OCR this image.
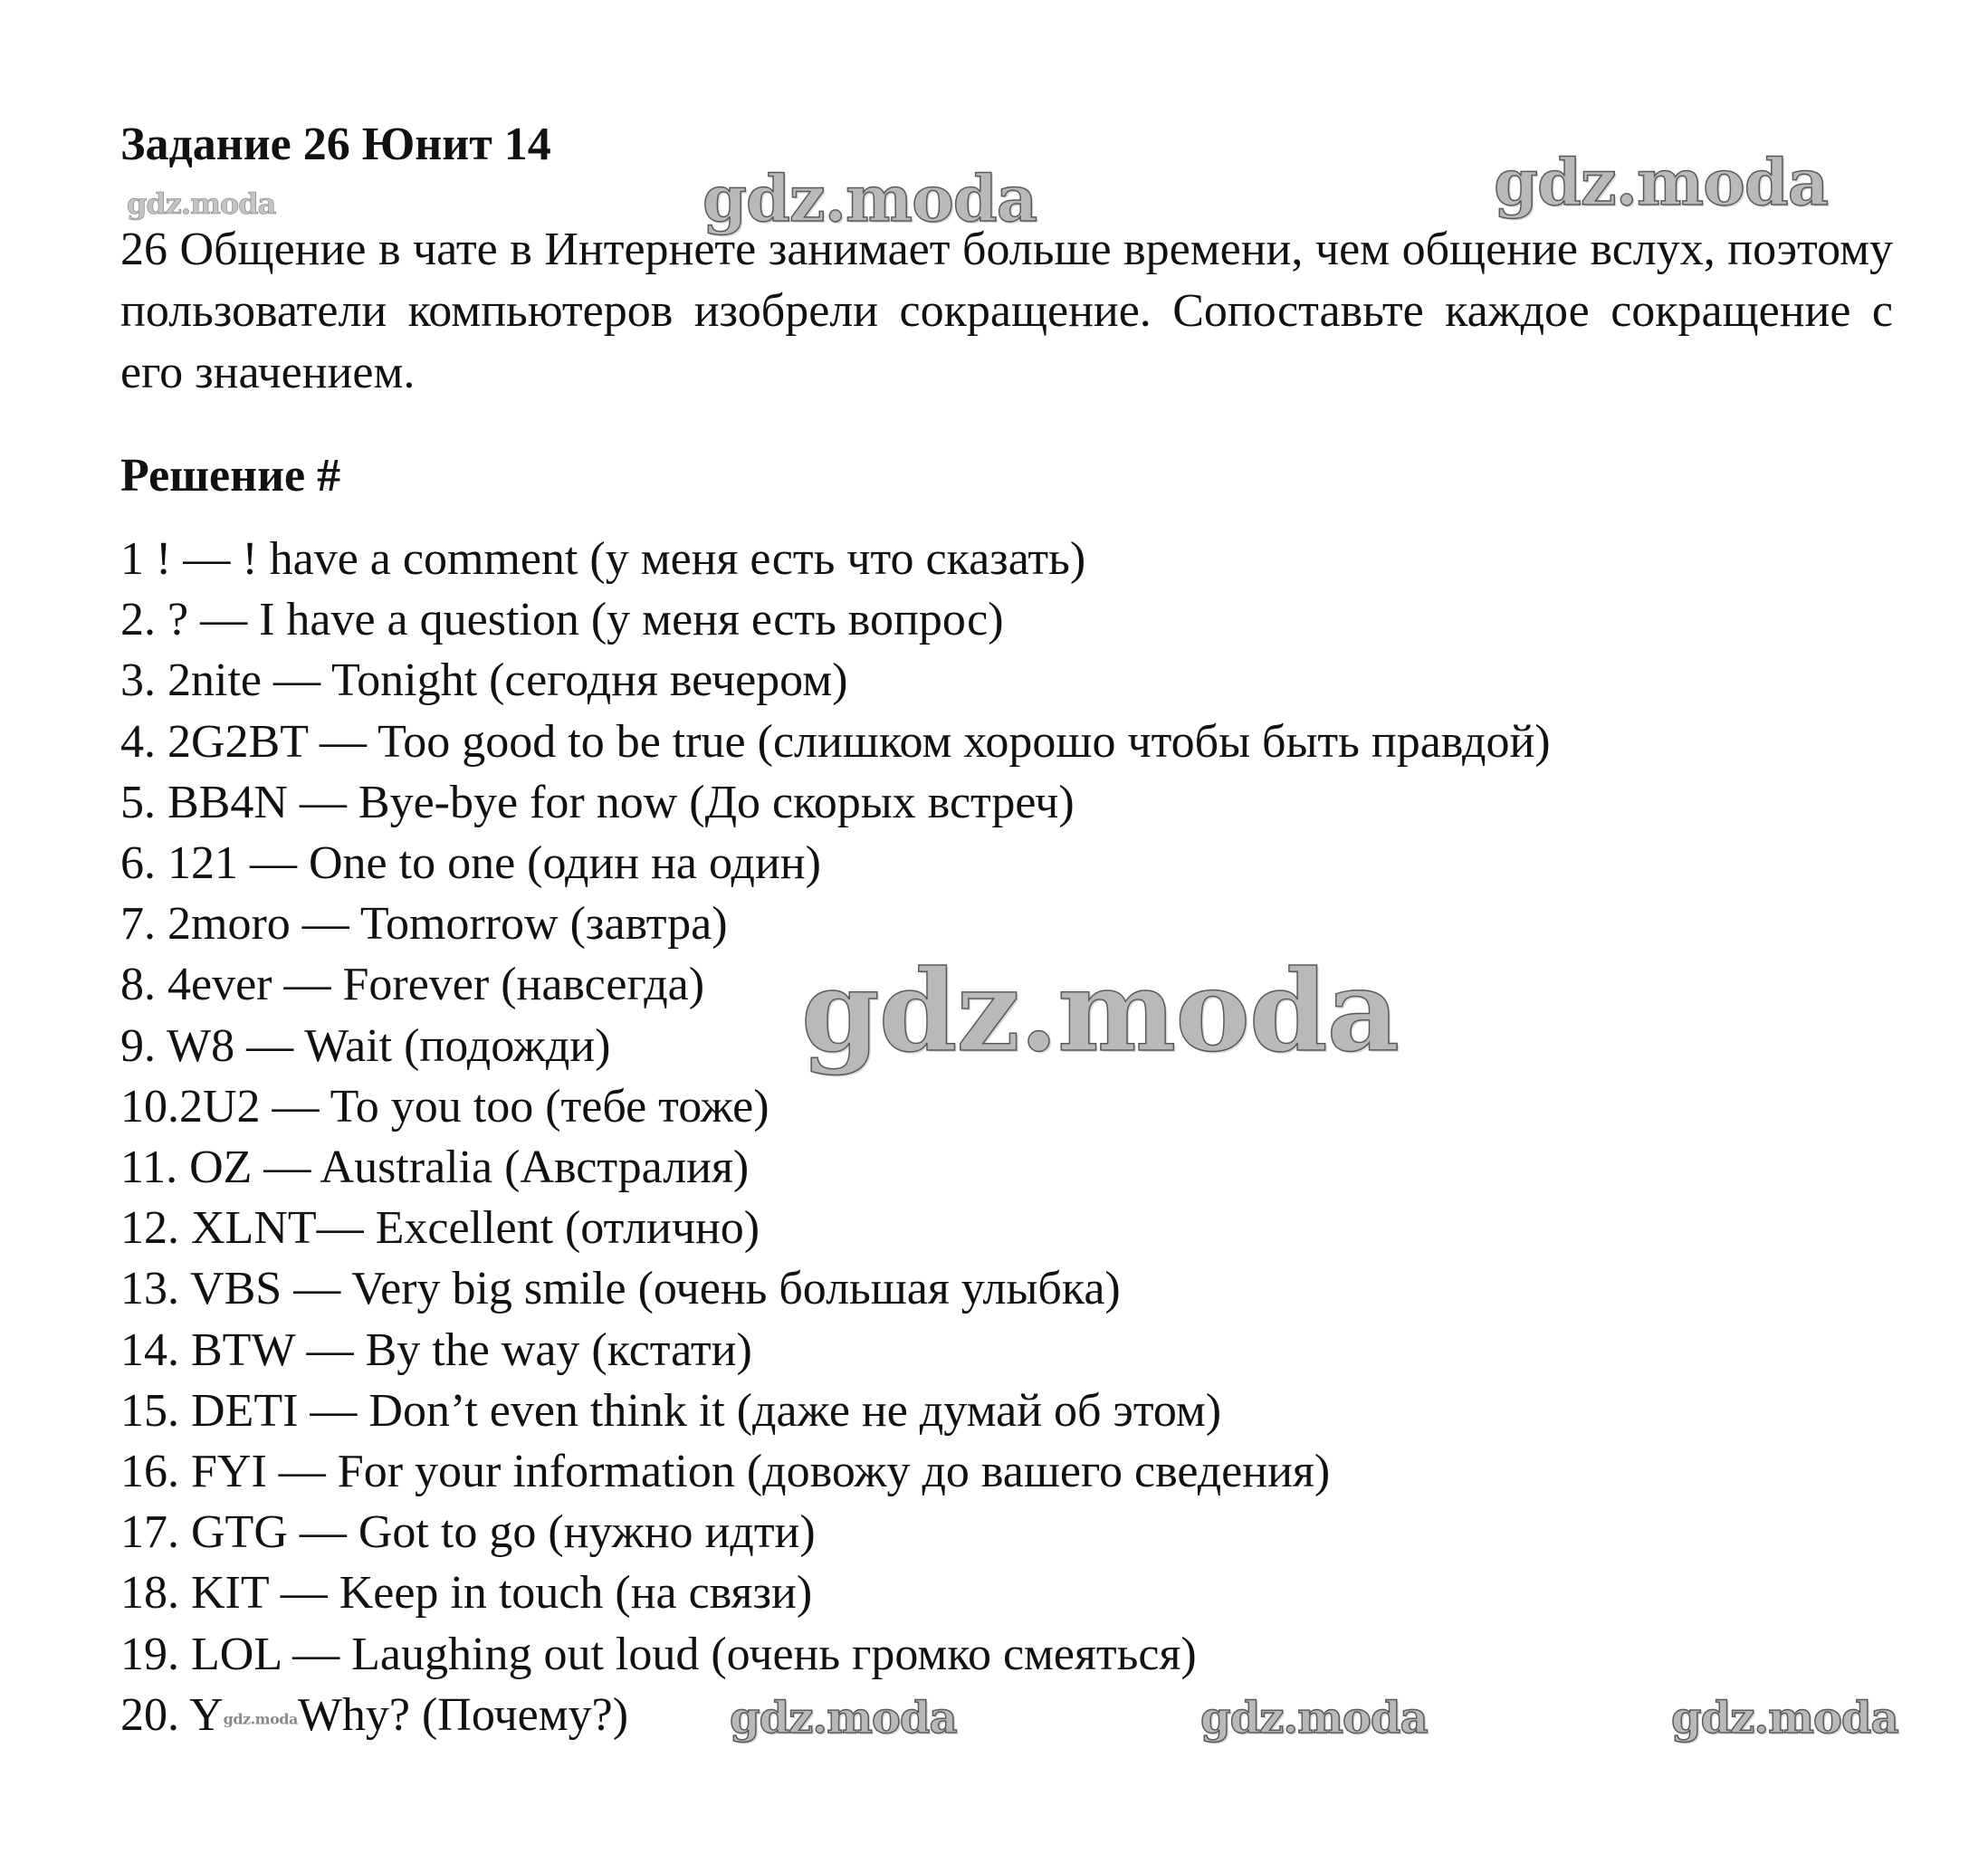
Задание 26 Юнит 14
gdz.moda	gdz.moda	gdz.moda
26 Общение в чате в Интернете занимает больше времени, чем общение вслух, поэтому пользователи компьютеров изобрели сокращение. Сопоставьте каждое сокращение с его значением.
Решение #
1 ! — ! have a comment (у меня есть что сказать)
2. ? — I have a question (у меня есть вопрос)
3. 2nite — Tonight (сегодня вечером)
4. 2G2BT — Too good to be true (слишком хорошо чтобы быть правдой)
5. BB4N — Bye-bye for now (До скорых встреч)
6. 121 — One to one (один на один)
7. 2moro — Tomorrow (завтра)
8. 4ever — Forever (навсегда)
9. W8 — Wait (подожди)
10.2U2 — To you too (тебе тоже)
11. OZ — Australia (Австралия)
12. XLNT— Excellent (отлично)
13. VBS — Very big smile (очень большая улыбка)
14. BTW — By the way (кстати)
15. DETI — Don’t even think it (даже не думай об этом)
16. FYI — For your information (довожу до вашего сведения)
17. GTG — Got to go (нужно идти)
18. KIT — Keep in touch (на связи)
19. LOL — Laughing out loud (очень громко смеяться)
20. Ygdz.modaWhy? (Почему?)
gdz.moda
gdz.moda	gdz.moda	gdz.moda
